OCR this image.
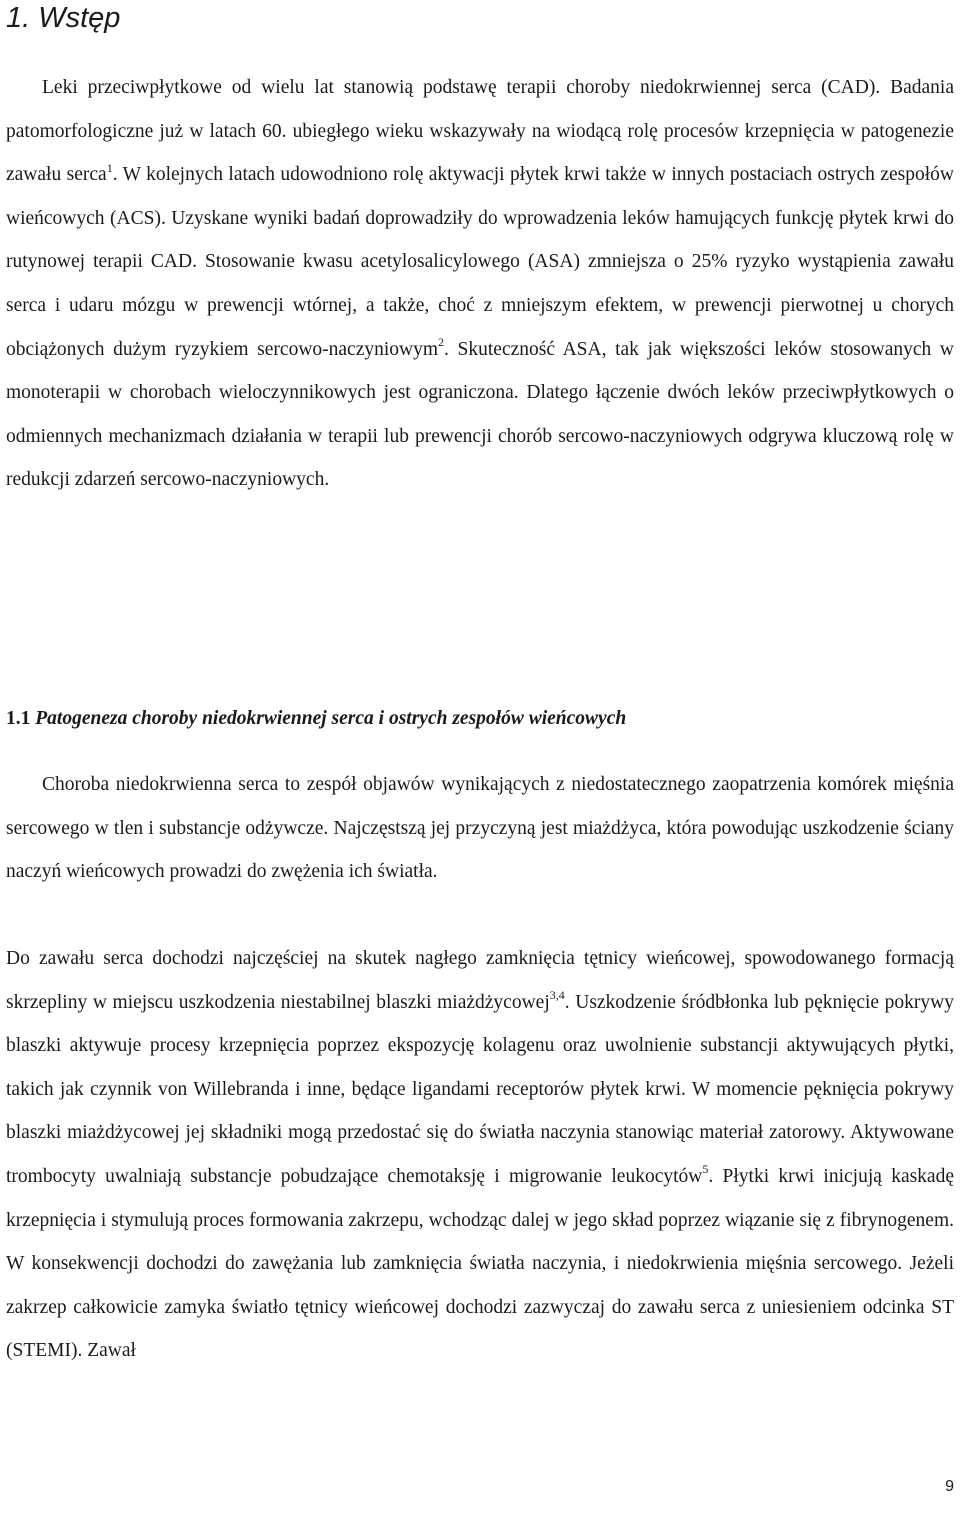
1. Wstęp

Leki przeciwpłytkowe od wielu lat stanowią podstawę terapii choroby niedokrwiennej serca (CAD). Badania patomorfologiczne już w latach 60. ubiegłego wieku wskazywały na wiodącą rolę procesów krzepnięcia w patogenezie zawału serca$^1$. W kolejnych latach udowodniono rolę aktywacji płytek krwi także w innych postaciach ostrych zespołów wieńcowych (ACS). Uzyskane wyniki badań doprowadziły do wprowadzenia leków hamujących funkcję płytek krwi do rutynowej terapii CAD. Stosowanie kwasu acetylosalicylowego (ASA) zmniejsza o 25% ryzyko wystąpienia zawału serca i udaru mózgu w prewencji wtórnej, a także, choć z mniejszym efektem, w prewencji pierwotnej u chorych obciążonych dużym ryzykiem sercowo-naczyniowym$^2$. Skuteczność ASA, tak jak większości leków stosowanych w monoterapii w chorobach wieloczynnikowych jest ograniczona. Dlatego łączenie dwóch leków przeciwpłytkowych o odmiennych mechanizmach działania w terapii lub prewencji chorób sercowo-naczyniowych odgrywa kluczową rolę w redukcji zdarzeń sercowo-naczyniowych.

1.1 Patogeneza choroby niedokrwiennej serca i ostrych zespołów wieńcowych

Choroba niedokrwienna serca to zespół objawów wynikających z niedostatecznego zaopatrzenia komórek mięśnia sercowego w tlen i substancje odżywcze. Najczęstszą jej przyczyną jest miażdżyca, która powodując uszkodzenie ściany naczyń wieńcowych prowadzi do zwężenia ich światła.

Do zawału serca dochodzi najczęściej na skutek nagłego zamknięcia tętnicy wieńcowej, spowodowanego formacją skrzepliny w miejscu uszkodzenia niestabilnej blaszki miażdżycowej$^{3,4}$. Uszkodzenie śródbłonka lub pęknięcie pokrywy blaszki aktywuje procesy krzepnięcia poprzez ekspozycję kolagenu oraz uwolnienie substancji aktywujących płytki, takich jak czynnik von Willebranda i inne, będące ligandami receptorów płytek krwi. W momencie pęknięcia pokrywy blaszki miażdżycowej jej składniki mogą przedostać się do światła naczynia stanowiąc materiał zatorowy. Aktywowane trombocyty uwalniają substancje pobudzające chemotaksję i migrowanie leukocytów$^5$. Płytki krwi inicjują kaskadę krzepnięcia i stymulują proces formowania zakrzepu, wchodząc dalej w jego skład poprzez wiązanie się z fibrynogenem. W konsekwencji dochodzi do zawężania lub zamknięcia światła naczynia, i niedokrwienia mięśnia sercowego. Jeżeli zakrzep całkowicie zamyka światło tętnicy wieńcowej dochodzi zazwyczaj do zawału serca z uniesieniem odcinka ST (STEMI). Zawał

9
